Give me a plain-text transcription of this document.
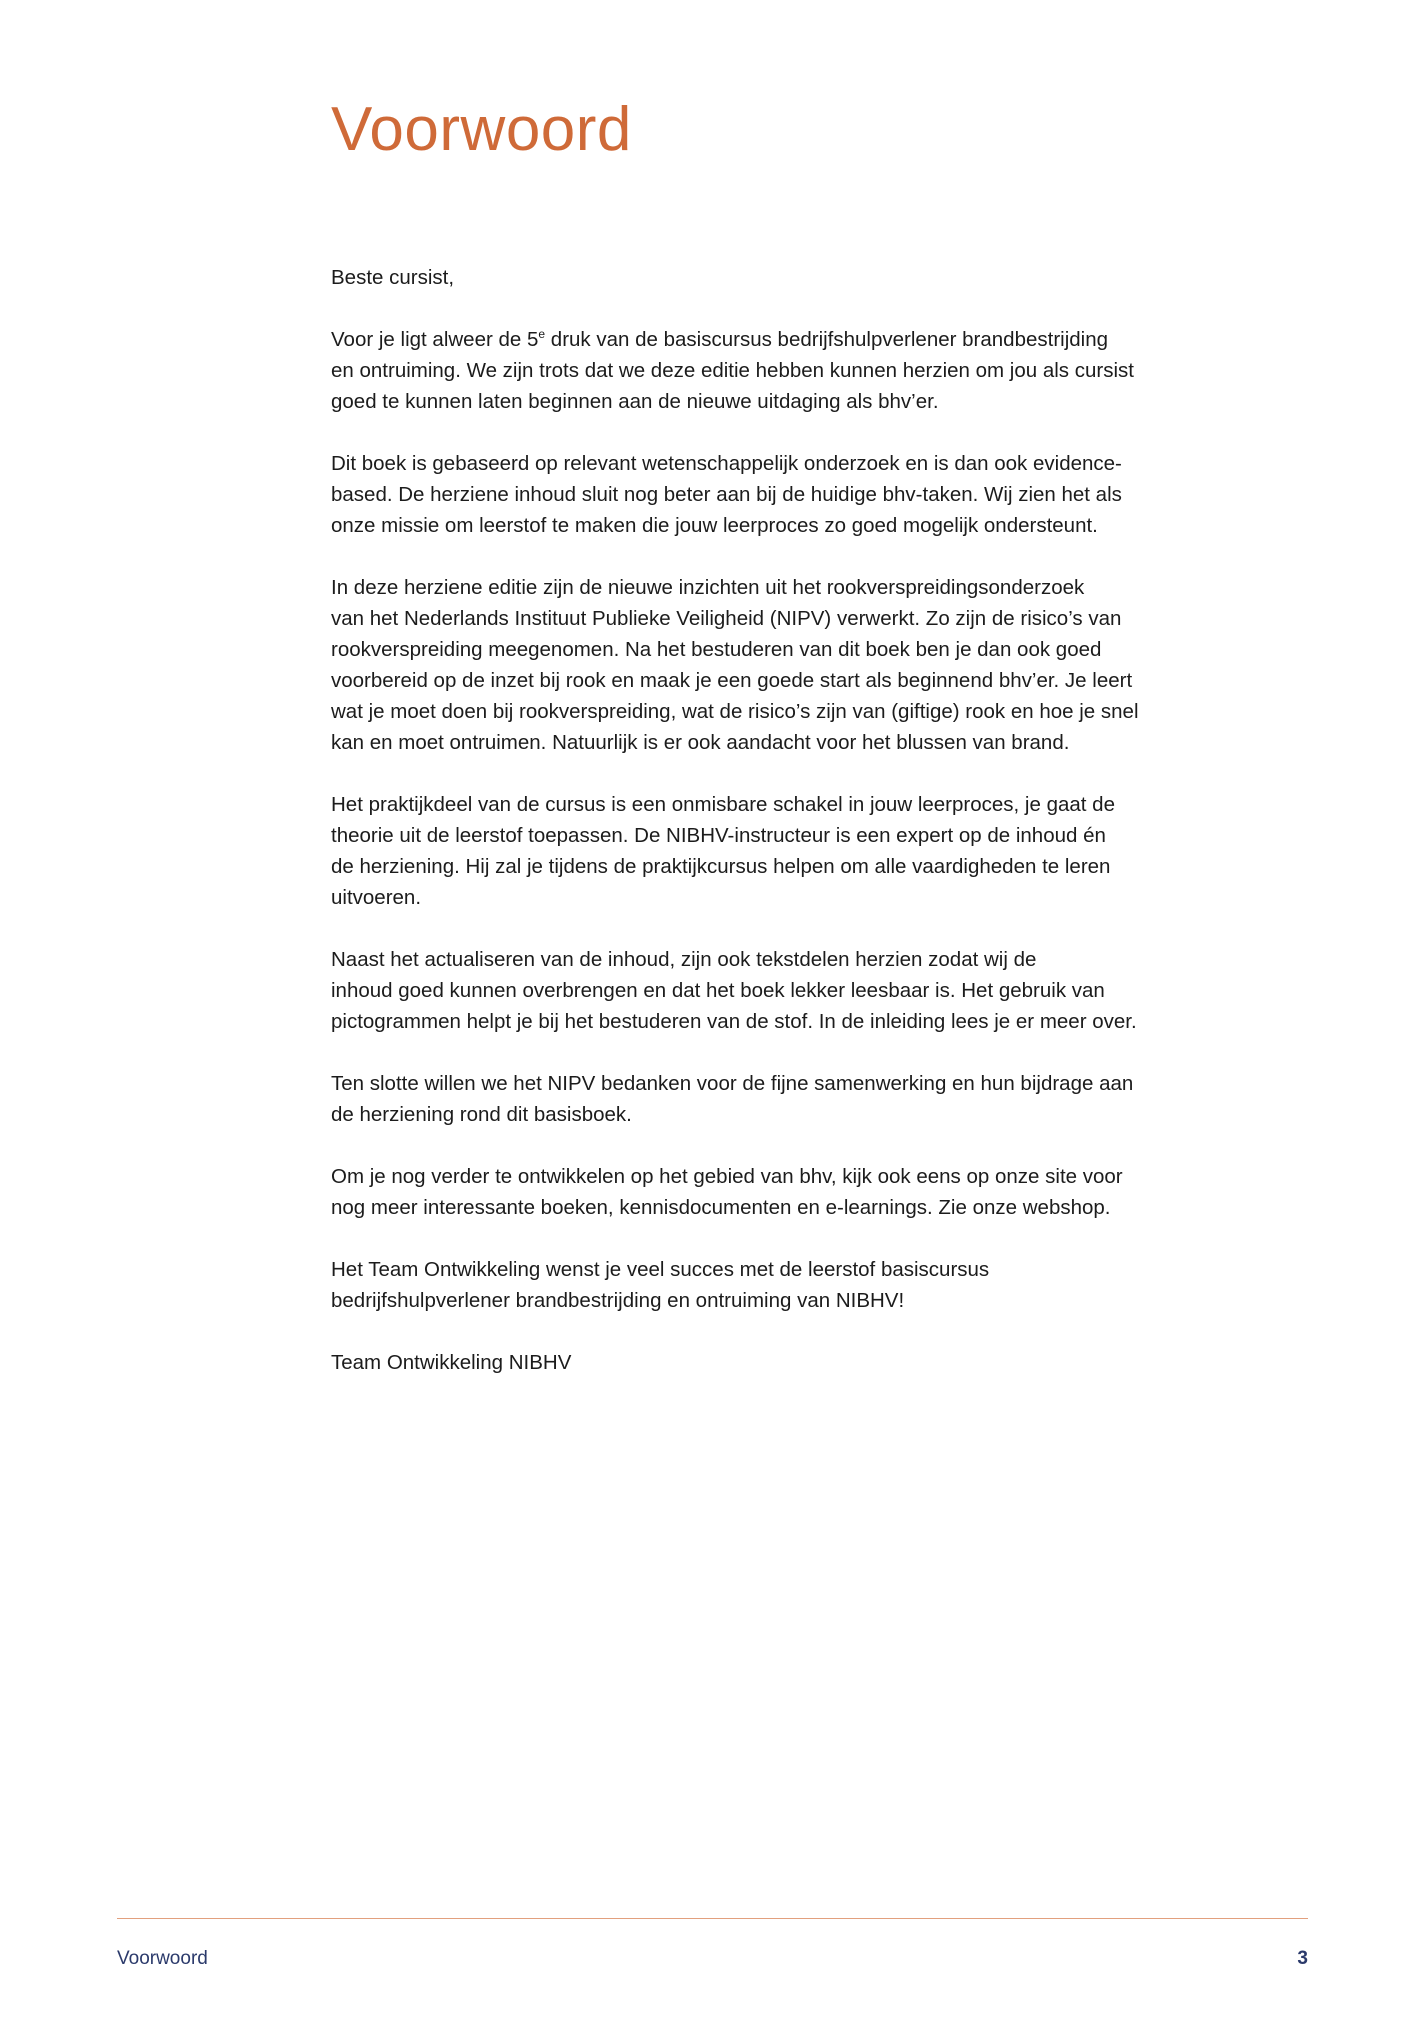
Voorwoord

Beste cursist,

Voor je ligt alweer de 5e druk van de basiscursus bedrijfshulpverlener brandbestrijding
en ontruiming. We zijn trots dat we deze editie hebben kunnen herzien om jou als cursist
goed te kunnen laten beginnen aan de nieuwe uitdaging als bhv’er.

Dit boek is gebaseerd op relevant wetenschappelijk onderzoek en is dan ook evidence-
based. De herziene inhoud sluit nog beter aan bij de huidige bhv-taken. Wij zien het als
onze missie om leerstof te maken die jouw leerproces zo goed mogelijk ondersteunt.

In deze herziene editie zijn de nieuwe inzichten uit het rookverspreidingsonderzoek
van het Nederlands Instituut Publieke Veiligheid (NIPV) verwerkt. Zo zijn de risico’s van
rookverspreiding meegenomen. Na het bestuderen van dit boek ben je dan ook goed
voorbereid op de inzet bij rook en maak je een goede start als beginnend bhv’er. Je leert
wat je moet doen bij rookverspreiding, wat de risico’s zijn van (giftige) rook en hoe je snel
kan en moet ontruimen. Natuurlijk is er ook aandacht voor het blussen van brand.

Het praktijkdeel van de cursus is een onmisbare schakel in jouw leerproces, je gaat de
theorie uit de leerstof toepassen. De NIBHV-instructeur is een expert op de inhoud én
de herziening. Hij zal je tijdens de praktijkcursus helpen om alle vaardigheden te leren
uitvoeren.

Naast het actualiseren van de inhoud, zijn ook tekstdelen herzien zodat wij de
inhoud goed kunnen overbrengen en dat het boek lekker leesbaar is. Het gebruik van
pictogrammen helpt je bij het bestuderen van de stof. In de inleiding lees je er meer over.

Ten slotte willen we het NIPV bedanken voor de fijne samenwerking en hun bijdrage aan
de herziening rond dit basisboek.

Om je nog verder te ontwikkelen op het gebied van bhv, kijk ook eens op onze site voor
nog meer interessante boeken, kennisdocumenten en e-learnings. Zie onze webshop.

Het Team Ontwikkeling wenst je veel succes met de leerstof basiscursus
bedrijfshulpverlener brandbestrijding en ontruiming van NIBHV!

Team Ontwikkeling NIBHV

Voorwoord	3
